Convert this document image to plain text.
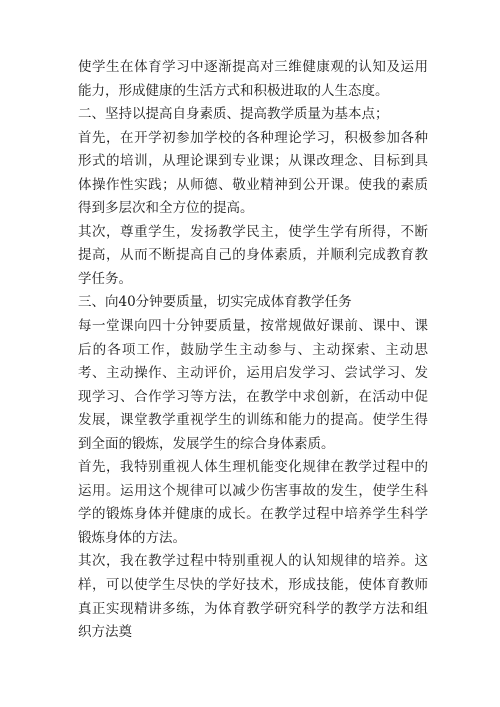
使学生在体育学习中逐渐提高对三维健康观的认知及运用能力，形成健康的生活方式和积极进取的人生态度。

二、坚持以提高自身素质、提高教学质量为基本点；

首先，在开学初参加学校的各种理论学习，积极参加各种形式的培训，从理论课到专业课；从课改理念、目标到具体操作性实践；从师德、敬业精神到公开课。使我的素质得到多层次和全方位的提高。

其次，尊重学生，发扬教学民主，使学生学有所得，不断提高，从而不断提高自己的身体素质，并顺利完成教育教学任务。

三、向40分钟要质量，切实完成体育教学任务

每一堂课向四十分钟要质量，按常规做好课前、课中、课后的各项工作，鼓励学生主动参与、主动探索、主动思考、主动操作、主动评价，运用启发学习、尝试学习、发现学习、合作学习等方法，在教学中求创新，在活动中促发展，课堂教学重视学生的训练和能力的提高。使学生得到全面的锻炼，发展学生的综合身体素质。

首先，我特别重视人体生理机能变化规律在教学过程中的运用。运用这个规律可以减少伤害事故的发生，使学生科学的锻炼身体并健康的成长。在教学过程中培养学生科学锻炼身体的方法。

其次，我在教学过程中特别重视人的认知规律的培养。这样，可以使学生尽快的学好技术，形成技能，使体育教师真正实现精讲多练，为体育教学研究科学的教学方法和组织方法奠
